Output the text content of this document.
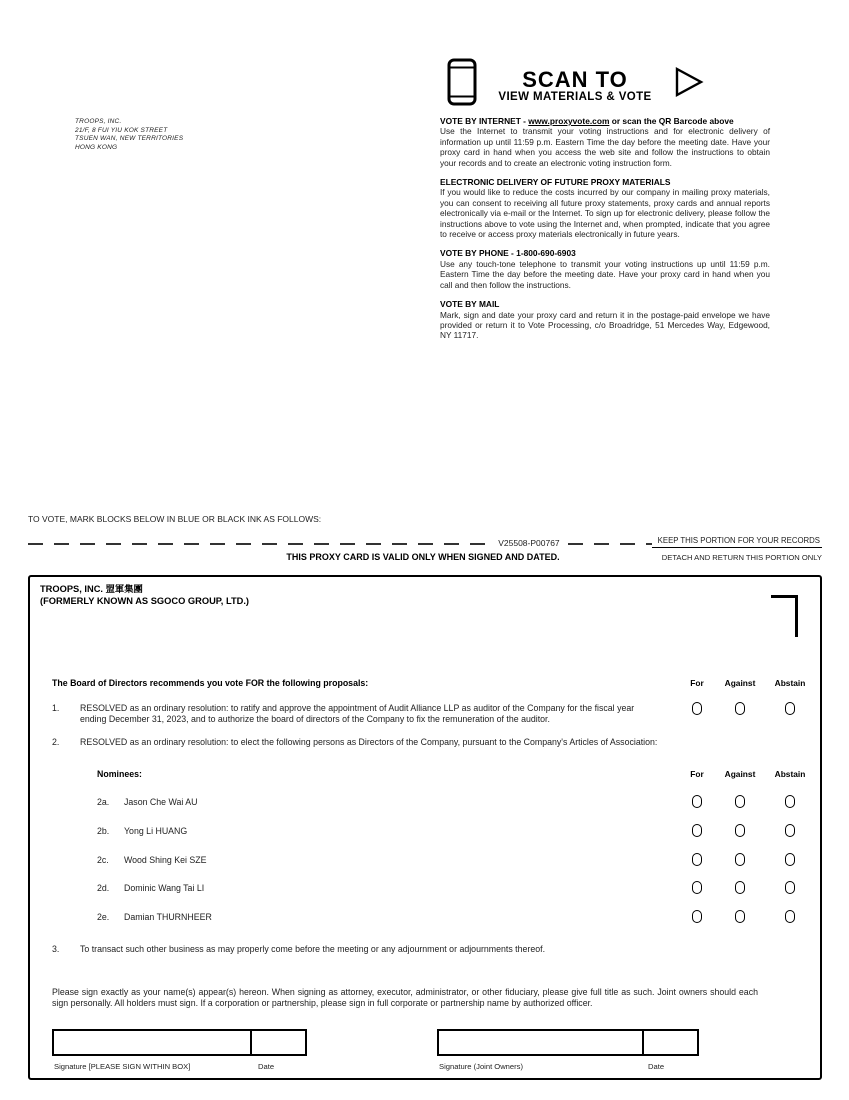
TROOPS, INC.
21/F, 8 FUI YIU KOK STREET
TSUEN WAN, NEW TERRITORIES
HONG KONG
SCAN TO
VIEW MATERIALS & VOTE
VOTE BY INTERNET - www.proxyvote.com or scan the QR Barcode above
Use the Internet to transmit your voting instructions and for electronic delivery of information up until 11:59 p.m. Eastern Time the day before the meeting date. Have your proxy card in hand when you access the web site and follow the instructions to obtain your records and to create an electronic voting instruction form.
ELECTRONIC DELIVERY OF FUTURE PROXY MATERIALS
If you would like to reduce the costs incurred by our company in mailing proxy materials, you can consent to receiving all future proxy statements, proxy cards and annual reports electronically via e-mail or the Internet. To sign up for electronic delivery, please follow the instructions above to vote using the Internet and, when prompted, indicate that you agree to receive or access proxy materials electronically in future years.
VOTE BY PHONE - 1-800-690-6903
Use any touch-tone telephone to transmit your voting instructions up until 11:59 p.m. Eastern Time the day before the meeting date. Have your proxy card in hand when you call and then follow the instructions.
VOTE BY MAIL
Mark, sign and date your proxy card and return it in the postage-paid envelope we have provided or return it to Vote Processing, c/o Broadridge, 51 Mercedes Way, Edgewood, NY 11717.
TO VOTE, MARK BLOCKS BELOW IN BLUE OR BLACK INK AS FOLLOWS:
V25508-P00767	KEEP THIS PORTION FOR YOUR RECORDS
THIS PROXY CARD IS VALID ONLY WHEN SIGNED AND DATED.	DETACH AND RETURN THIS PORTION ONLY
TROOPS, INC. 盟軍集團
(FORMERLY KNOWN AS SGOCO GROUP, LTD.)
The Board of Directors recommends you vote FOR the following proposals:	For	Against	Abstain
1.	RESOLVED as an ordinary resolution: to ratify and approve the appointment of Audit Alliance LLP as auditor of the Company for the fiscal year ending December 31, 2023, and to authorize the board of directors of the Company to fix the remuneration of the auditor.
2.	RESOLVED as an ordinary resolution: to elect the following persons as Directors of the Company, pursuant to the Company's Articles of Association:
Nominees:	For	Against	Abstain
2a. Jason Che Wai AU
2b. Yong Li HUANG
2c. Wood Shing Kei SZE
2d. Dominic Wang Tai LI
2e. Damian THURNHEER
3.	To transact such other business as may properly come before the meeting or any adjournment or adjournments thereof.
Please sign exactly as your name(s) appear(s) hereon. When signing as attorney, executor, administrator, or other fiduciary, please give full title as such. Joint owners should each sign personally. All holders must sign. If a corporation or partnership, please sign in full corporate or partnership name by authorized officer.
Signature [PLEASE SIGN WITHIN BOX]	Date	Signature (Joint Owners)	Date
